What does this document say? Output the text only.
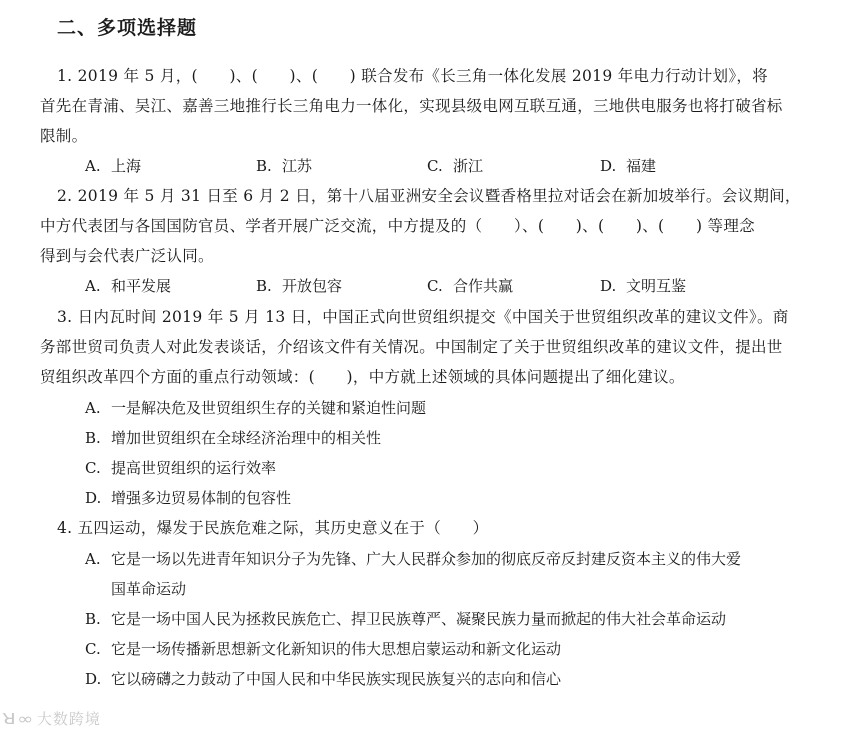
二、多项选择题
1. 2019 年 5 月，(　　)、(　　)、(　　) 联合发布《长三角一体化发展 2019 年电力行动计划》，将
首先在青浦、吴江、嘉善三地推行长三角电力一体化，实现县级电网互联互通，三地供电服务也将打破省标
限制。
A. 上海	B. 江苏	C. 浙江	D. 福建
2. 2019 年 5 月 31 日至 6 月 2 日，第十八届亚洲安全会议暨香格里拉对话会在新加坡举行。会议期间，
中方代表团与各国国防官员、学者开展广泛交流，中方提及的（　　）、(　　)、(　　)、(　　) 等理念
得到与会代表广泛认同。
A. 和平发展	B. 开放包容	C. 合作共赢	D. 文明互鉴
3. 日内瓦时间 2019 年 5 月 13 日，中国正式向世贸组织提交《中国关于世贸组织改革的建议文件》。商
务部世贸司负责人对此发表谈话，介绍该文件有关情况。中国制定了关于世贸组织改革的建议文件，提出世
贸组织改革四个方面的重点行动领域：(　　)，中方就上述领域的具体问题提出了细化建议。
A. 一是解决危及世贸组织生存的关键和紧迫性问题
B. 增加世贸组织在全球经济治理中的相关性
C. 提高世贸组织的运行效率
D. 增强多边贸易体制的包容性
4. 五四运动，爆发于民族危难之际，其历史意义在于（　　）
A. 它是一场以先进青年知识分子为先锋、广大人民群众参加的彻底反帝反封建反资本主义的伟大爱
国革命运动
B. 它是一场中国人民为拯救民族危亡、捍卫民族尊严、凝聚民族力量而掀起的伟大社会革命运动
C. 它是一场传播新思想新文化新知识的伟大思想启蒙运动和新文化运动
D. 它以磅礴之力鼓动了中国人民和中华民族实现民族复兴的志向和信心
ꓤ∞ 大数跨境
